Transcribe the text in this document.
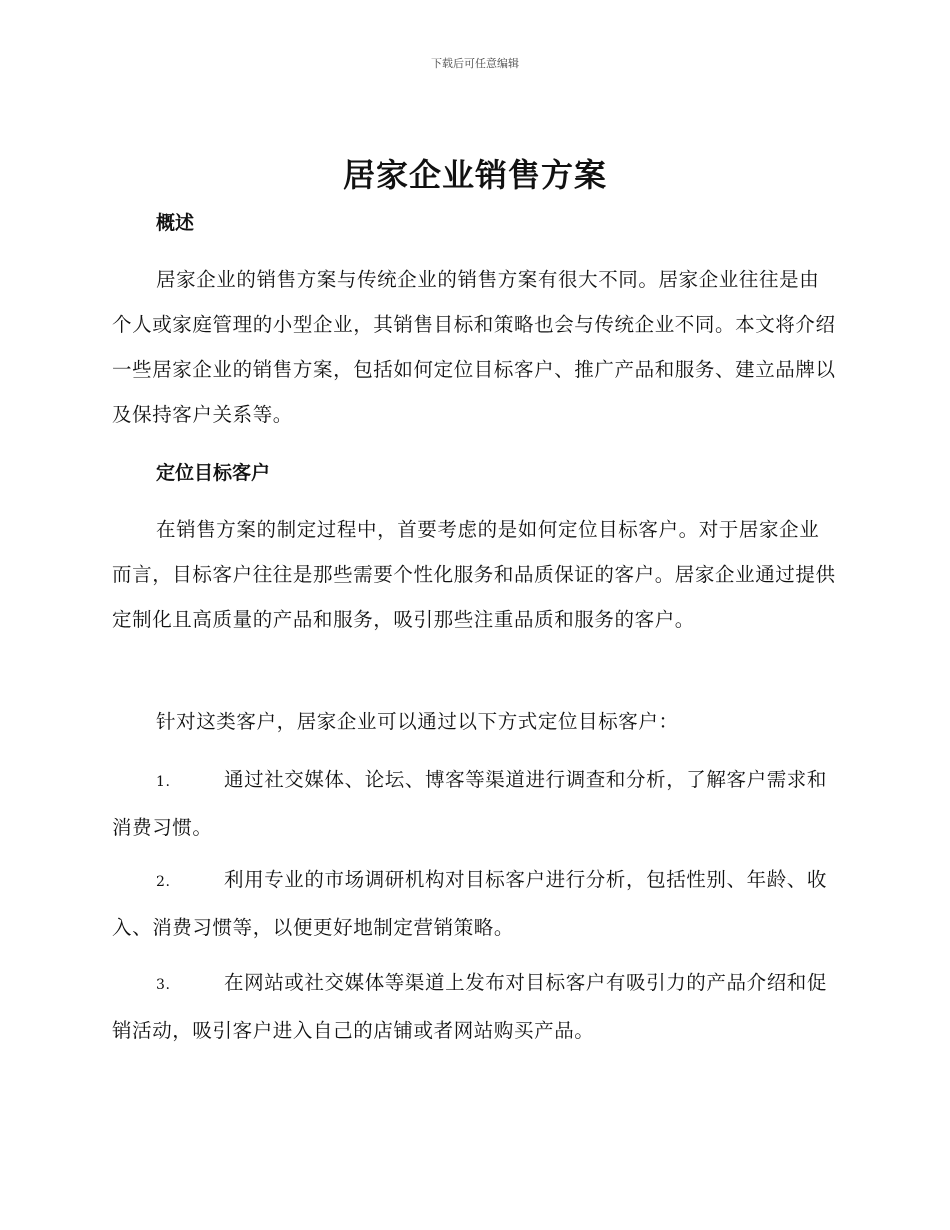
下载后可任意编辑
居家企业销售方案
概述
居家企业的销售方案与传统企业的销售方案有很大不同。居家企业往往是由个人或家庭管理的小型企业，其销售目标和策略也会与传统企业不同。本文将介绍一些居家企业的销售方案，包括如何定位目标客户、推广产品和服务、建立品牌以及保持客户关系等。
定位目标客户
在销售方案的制定过程中，首要考虑的是如何定位目标客户。对于居家企业而言，目标客户往往是那些需要个性化服务和品质保证的客户。居家企业通过提供定制化且高质量的产品和服务，吸引那些注重品质和服务的客户。
针对这类客户，居家企业可以通过以下方式定位目标客户：
1.	通过社交媒体、论坛、博客等渠道进行调查和分析，了解客户需求和消费习惯。
2.	利用专业的市场调研机构对目标客户进行分析，包括性别、年龄、收入、消费习惯等，以便更好地制定营销策略。
3.	在网站或社交媒体等渠道上发布对目标客户有吸引力的产品介绍和促销活动，吸引客户进入自己的店铺或者网站购买产品。
